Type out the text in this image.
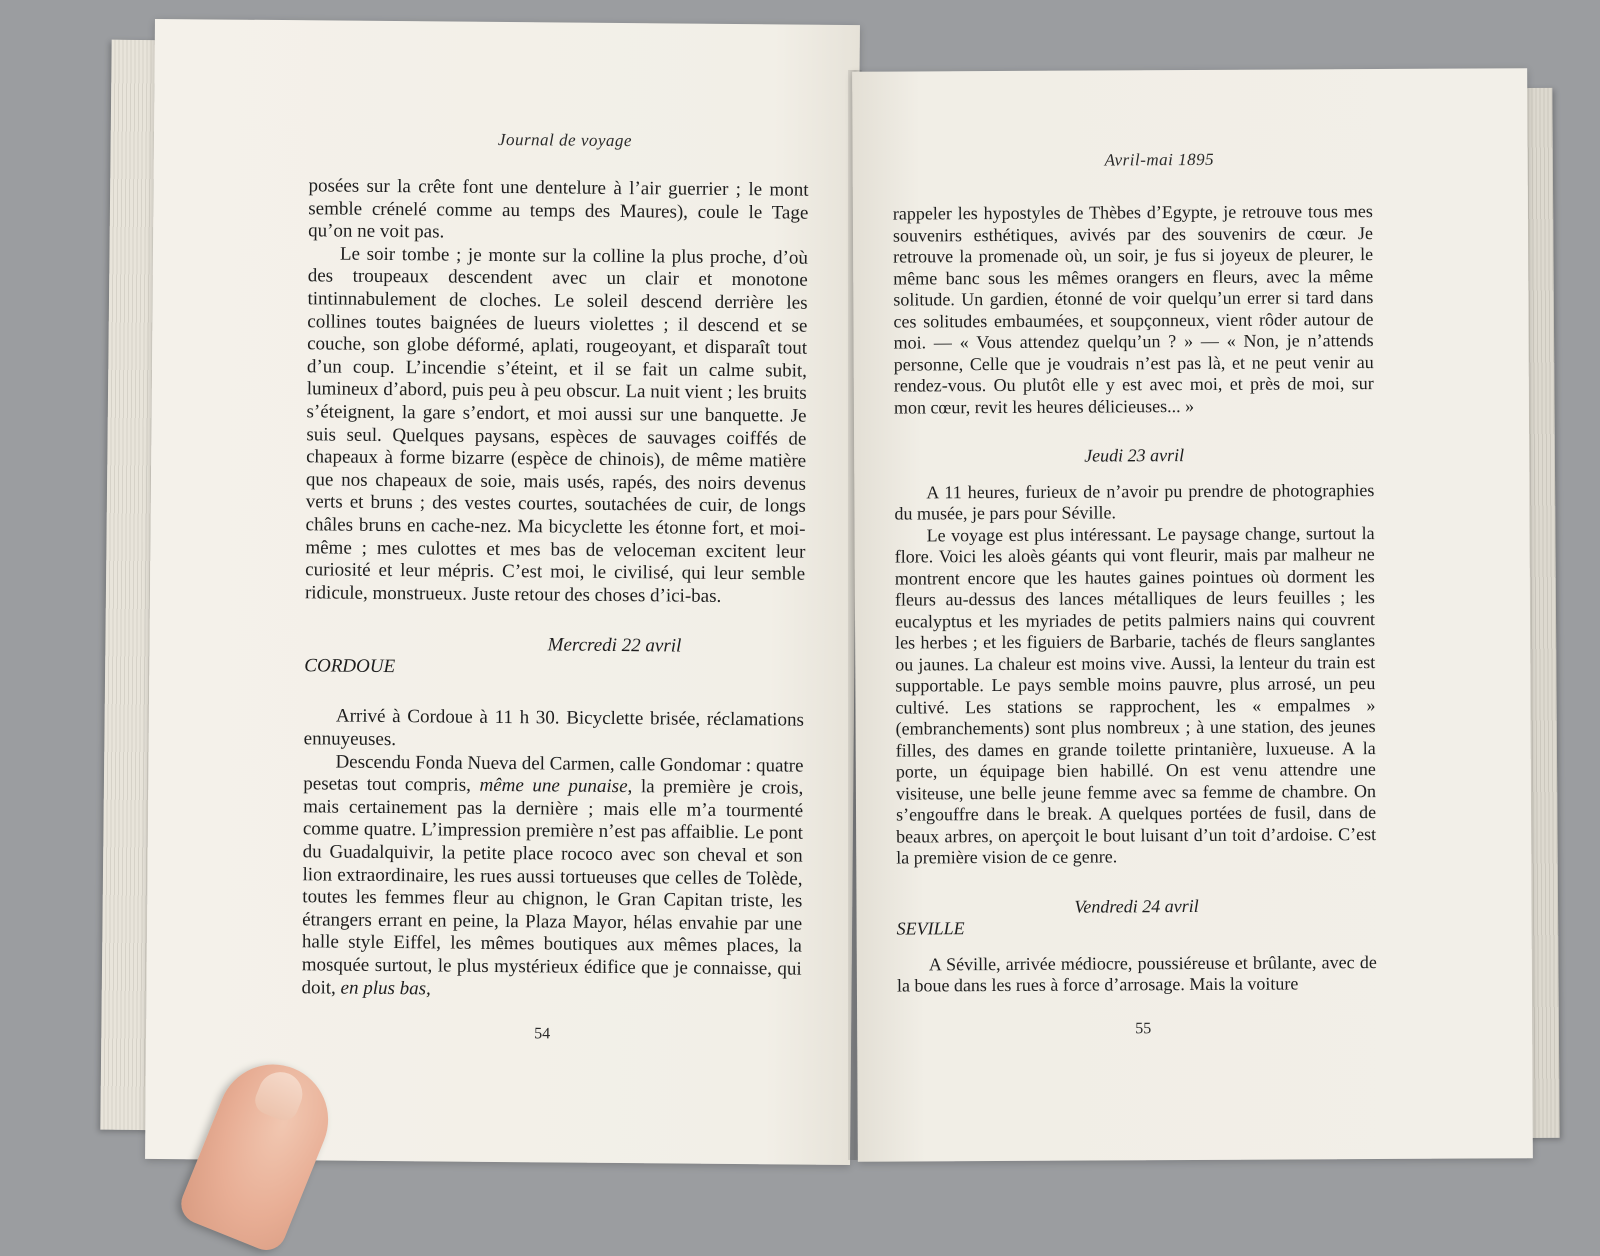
Journal de voyage

posées sur la crête font une dentelure à l’air guerrier ; le mont semble crénelé comme au temps des Maures), coule le Tage qu’on ne voit pas.

Le soir tombe ; je monte sur la colline la plus proche, d’où des troupeaux descendent avec un clair et monotone tintinnabulement de cloches. Le soleil descend derrière les collines toutes baignées de lueurs violettes ; il descend et se couche, son globe déformé, aplati, rougeoyant, et disparaît tout d’un coup. L’incendie s’éteint, et il se fait un calme subit, lumineux d’abord, puis peu à peu obscur. La nuit vient ; les bruits s’éteignent, la gare s’endort, et moi aussi sur une banquette. Je suis seul. Quelques paysans, espèces de sauvages coiffés de chapeaux à forme bizarre (espèce de chinois), de même matière que nos chapeaux de soie, mais usés, rapés, des noirs devenus verts et bruns ; des vestes courtes, soutachées de cuir, de longs châles bruns en cache-nez. Ma bicyclette les étonne fort, et moi-même ; mes culottes et mes bas de veloceman excitent leur curiosité et leur mépris. C’est moi, le civilisé, qui leur semble ridicule, monstrueux. Juste retour des choses d’ici-bas.

Mercredi 22 avril

CORDOUE

Arrivé à Cordoue à 11 h 30. Bicyclette brisée, réclamations ennuyeuses.

Descendu Fonda Nueva del Carmen, calle Gondomar : quatre pesetas tout compris, même une punaise, la première je crois, mais certainement pas la dernière ; mais elle m’a tourmenté comme quatre. L’impression première n’est pas affaiblie. Le pont du Guadalquivir, la petite place rococo avec son cheval et son lion extraordinaire, les rues aussi tortueuses que celles de Tolède, toutes les femmes fleur au chignon, le Gran Capitan triste, les étrangers errant en peine, la Plaza Mayor, hélas envahie par une halle style Eiffel, les mêmes boutiques aux mêmes places, la mosquée surtout, le plus mystérieux édifice que je connaisse, qui doit, en plus bas,

54
Avril-mai 1895

rappeler les hypostyles de Thèbes d’Egypte, je retrouve tous mes souvenirs esthétiques, avivés par des souvenirs de cœur. Je retrouve la promenade où, un soir, je fus si joyeux de pleurer, le même banc sous les mêmes orangers en fleurs, avec la même solitude. Un gardien, étonné de voir quelqu’un errer si tard dans ces solitudes embaumées, et soupçonneux, vient rôder autour de moi. — « Vous attendez quelqu’un ? » — « Non, je n’attends personne, Celle que je voudrais n’est pas là, et ne peut venir au rendez-vous. Ou plutôt elle y est avec moi, et près de moi, sur mon cœur, revit les heures délicieuses... »

Jeudi 23 avril

A 11 heures, furieux de n’avoir pu prendre de photographies du musée, je pars pour Séville.

Le voyage est plus intéressant. Le paysage change, surtout la flore. Voici les aloès géants qui vont fleurir, mais par malheur ne montrent encore que les hautes gaines pointues où dorment les fleurs au-dessus des lances métalliques de leurs feuilles ; les eucalyptus et les myriades de petits palmiers nains qui couvrent les herbes ; et les figuiers de Barbarie, tachés de fleurs sanglantes ou jaunes. La chaleur est moins vive. Aussi, la lenteur du train est supportable. Le pays semble moins pauvre, plus arrosé, un peu cultivé. Les stations se rapprochent, les « empalmes » (embranchements) sont plus nombreux ; à une station, des jeunes filles, des dames en grande toilette printanière, luxueuse. A la porte, un équipage bien habillé. On est venu attendre une visiteuse, une belle jeune femme avec sa femme de chambre. On s’engouffre dans le break. A quelques portées de fusil, dans de beaux arbres, on aperçoit le bout luisant d’un toit d’ardoise. C’est la première vision de ce genre.

Vendredi 24 avril

SEVILLE

A Séville, arrivée médiocre, poussiéreuse et brûlante, avec de la boue dans les rues à force d’arrosage. Mais la voiture

55
